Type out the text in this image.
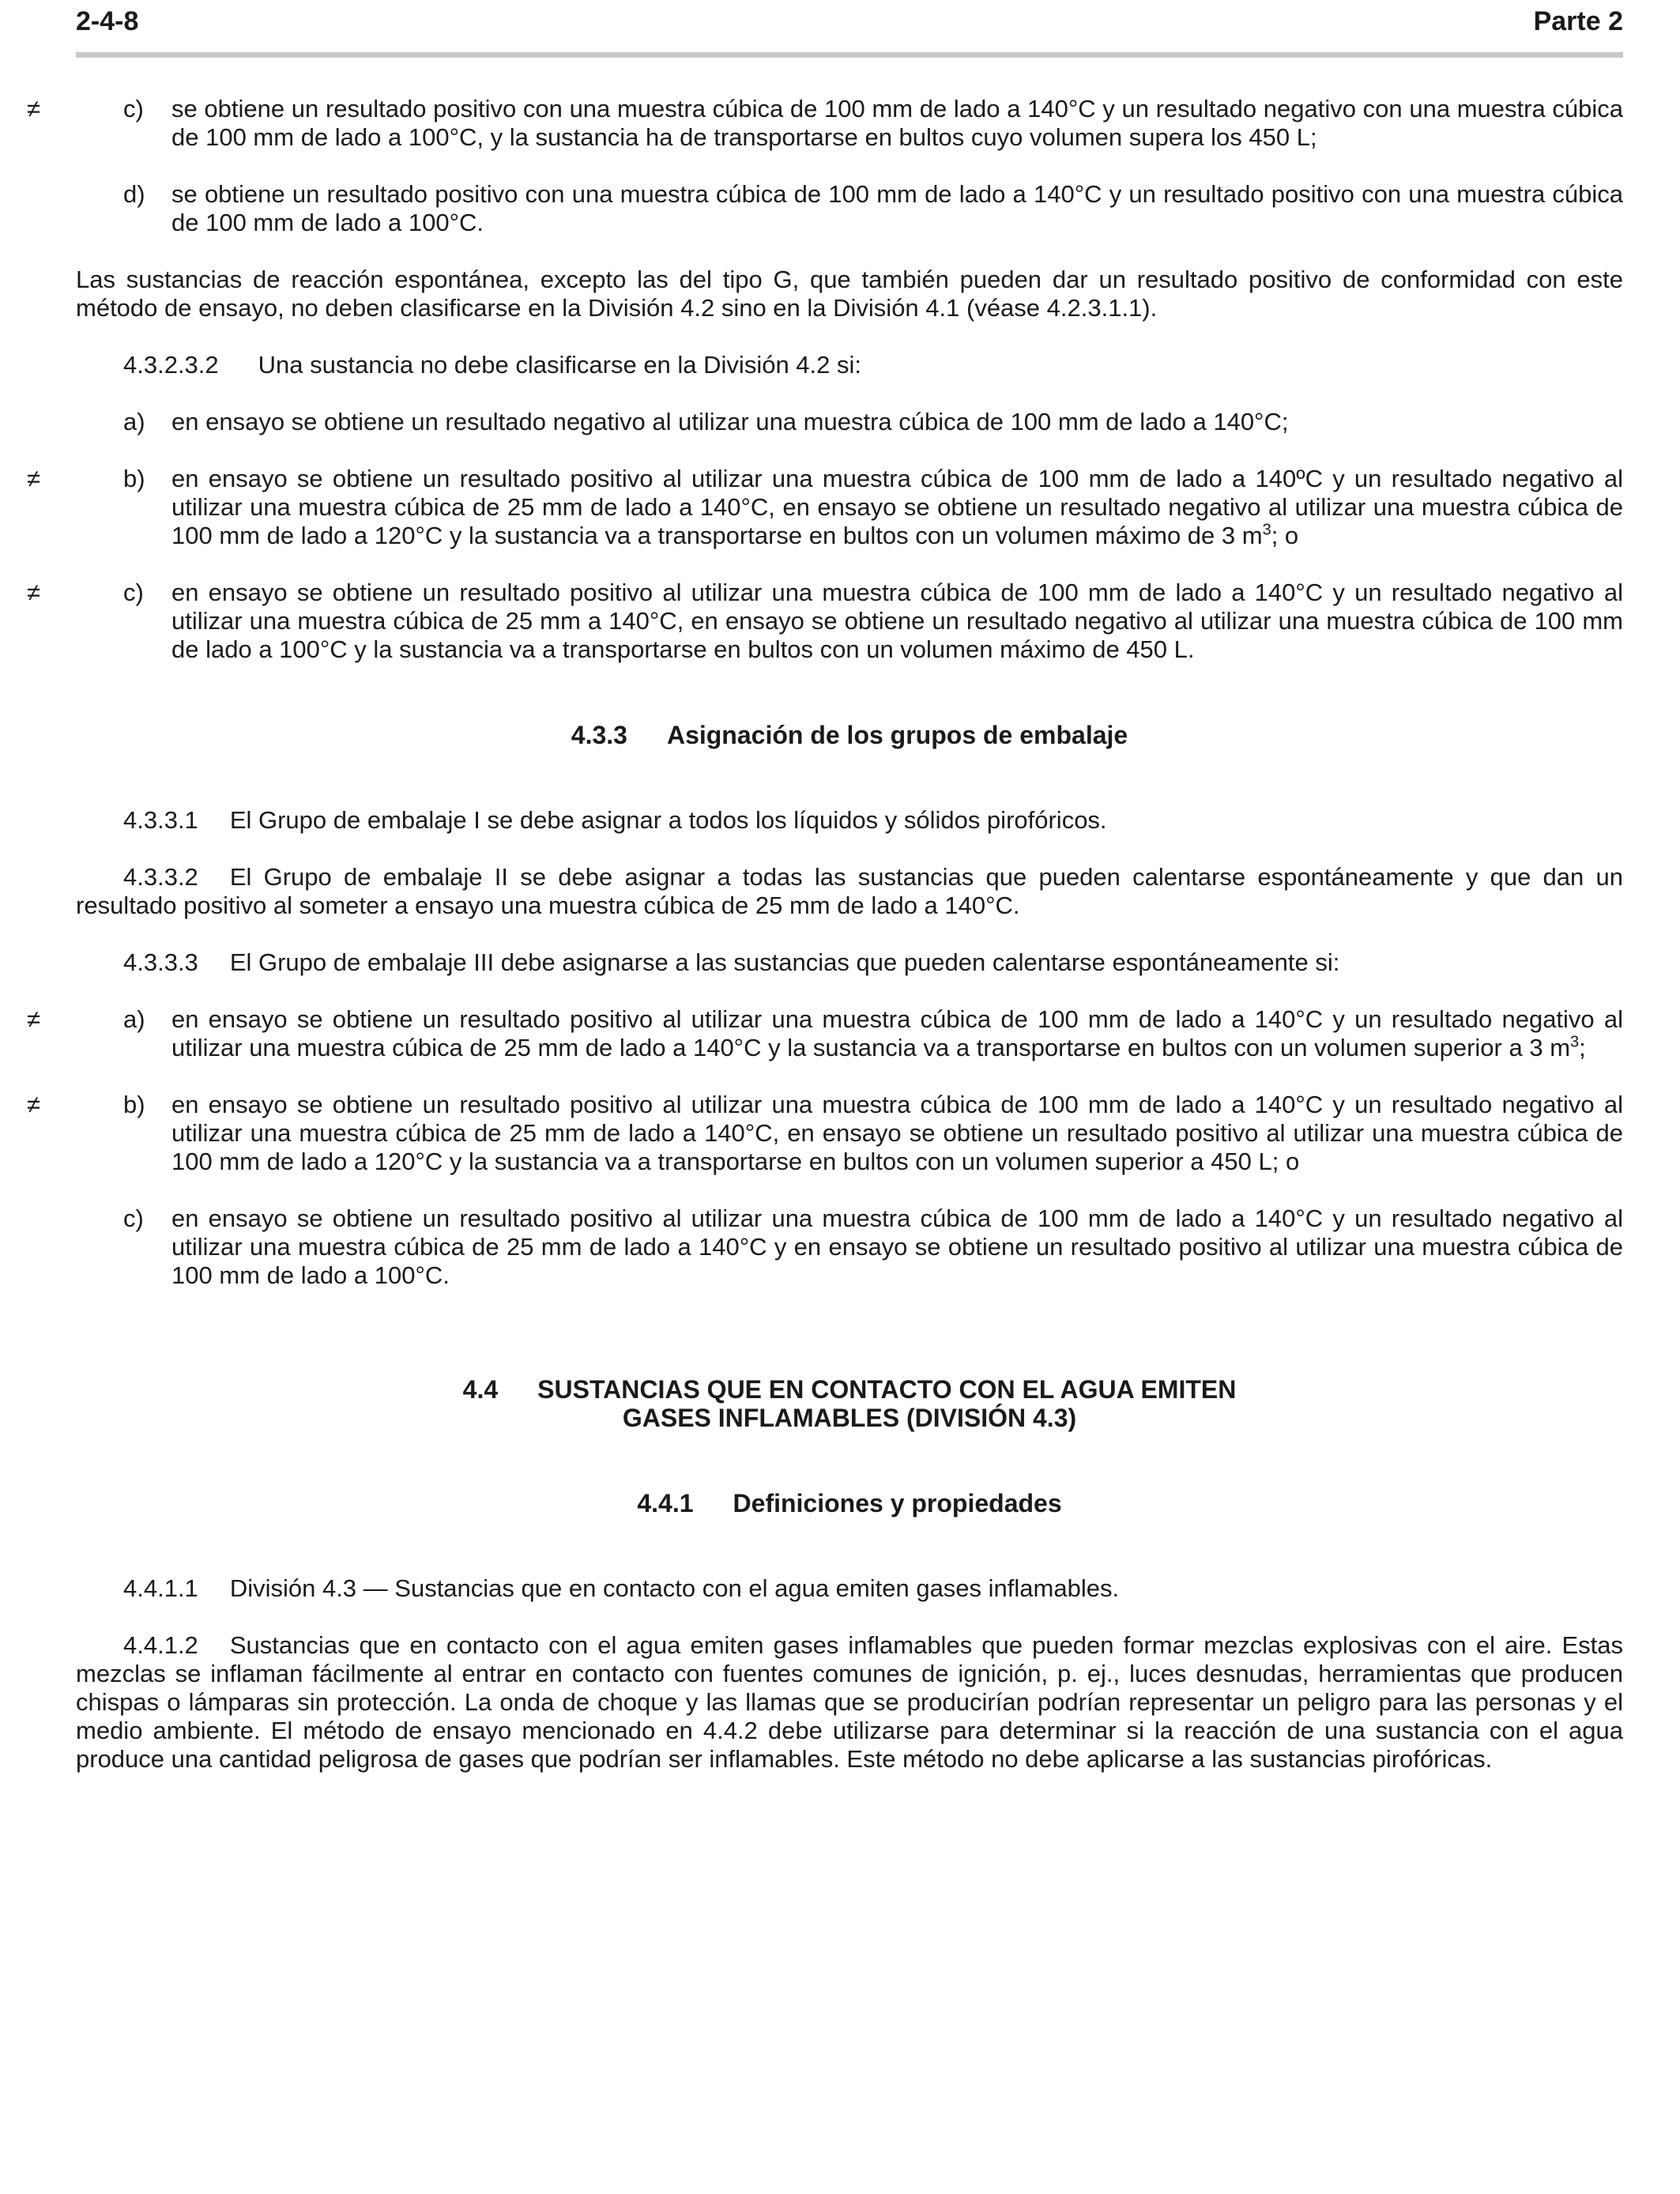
2-4-8	Parte 2
≠	c) se obtiene un resultado positivo con una muestra cúbica de 100 mm de lado a 140°C y un resultado negativo con una muestra cúbica de 100 mm de lado a 100°C, y la sustancia ha de transportarse en bultos cuyo volumen supera los 450 L;
d) se obtiene un resultado positivo con una muestra cúbica de 100 mm de lado a 140°C y un resultado positivo con una muestra cúbica de 100 mm de lado a 100°C.

Las sustancias de reacción espontánea, excepto las del tipo G, que también pueden dar un resultado positivo de conformidad con este método de ensayo, no deben clasificarse en la División 4.2 sino en la División 4.1 (véase 4.2.3.1.1).

4.3.2.3.2 Una sustancia no debe clasificarse en la División 4.2 si:

a) en ensayo se obtiene un resultado negativo al utilizar una muestra cúbica de 100 mm de lado a 140°C;
≠	b) en ensayo se obtiene un resultado positivo al utilizar una muestra cúbica de 100 mm de lado a 140ºC y un resultado negativo al utilizar una muestra cúbica de 25 mm de lado a 140°C, en ensayo se obtiene un resultado negativo al utilizar una muestra cúbica de 100 mm de lado a 120°C y la sustancia va a transportarse en bultos con un volumen máximo de 3 $m^3$; o
≠	c) en ensayo se obtiene un resultado positivo al utilizar una muestra cúbica de 100 mm de lado a 140°C y un resultado negativo al utilizar una muestra cúbica de 25 mm a 140°C, en ensayo se obtiene un resultado negativo al utilizar una muestra cúbica de 100 mm de lado a 100°C y la sustancia va a transportarse en bultos con un volumen máximo de 450 L.

4.3.3 Asignación de los grupos de embalaje

4.3.3.1 El Grupo de embalaje I se debe asignar a todos los líquidos y sólidos pirofóricos.

4.3.3.2 El Grupo de embalaje II se debe asignar a todas las sustancias que pueden calentarse espontáneamente y que dan un resultado positivo al someter a ensayo una muestra cúbica de 25 mm de lado a 140°C.

4.3.3.3 El Grupo de embalaje III debe asignarse a las sustancias que pueden calentarse espontáneamente si:

≠	a) en ensayo se obtiene un resultado positivo al utilizar una muestra cúbica de 100 mm de lado a 140°C y un resultado negativo al utilizar una muestra cúbica de 25 mm de lado a 140°C y la sustancia va a transportarse en bultos con un volumen superior a 3 $m^3$;
≠	b) en ensayo se obtiene un resultado positivo al utilizar una muestra cúbica de 100 mm de lado a 140°C y un resultado negativo al utilizar una muestra cúbica de 25 mm de lado a 140°C, en ensayo se obtiene un resultado positivo al utilizar una muestra cúbica de 100 mm de lado a 120°C y la sustancia va a transportarse en bultos con un volumen superior a 450 L; o
c) en ensayo se obtiene un resultado positivo al utilizar una muestra cúbica de 100 mm de lado a 140°C y un resultado negativo al utilizar una muestra cúbica de 25 mm de lado a 140°C y en ensayo se obtiene un resultado positivo al utilizar una muestra cúbica de 100 mm de lado a 100°C.
4.4 SUSTANCIAS QUE EN CONTACTO CON EL AGUA EMITEN
GASES INFLAMABLES (DIVISIÓN 4.3)

4.4.1 Definiciones y propiedades

4.4.1.1 División 4.3 — Sustancias que en contacto con el agua emiten gases inflamables.

4.4.1.2 Sustancias que en contacto con el agua emiten gases inflamables que pueden formar mezclas explosivas con el aire. Estas mezclas se inflaman fácilmente al entrar en contacto con fuentes comunes de ignición, p. ej., luces desnudas, herramientas que producen chispas o lámparas sin protección. La onda de choque y las llamas que se producirían podrían representar un peligro para las personas y el medio ambiente. El método de ensayo mencionado en 4.4.2 debe utilizarse para determinar si la reacción de una sustancia con el agua produce una cantidad peligrosa de gases que podrían ser inflamables. Este método no debe aplicarse a las sustancias pirofóricas.
